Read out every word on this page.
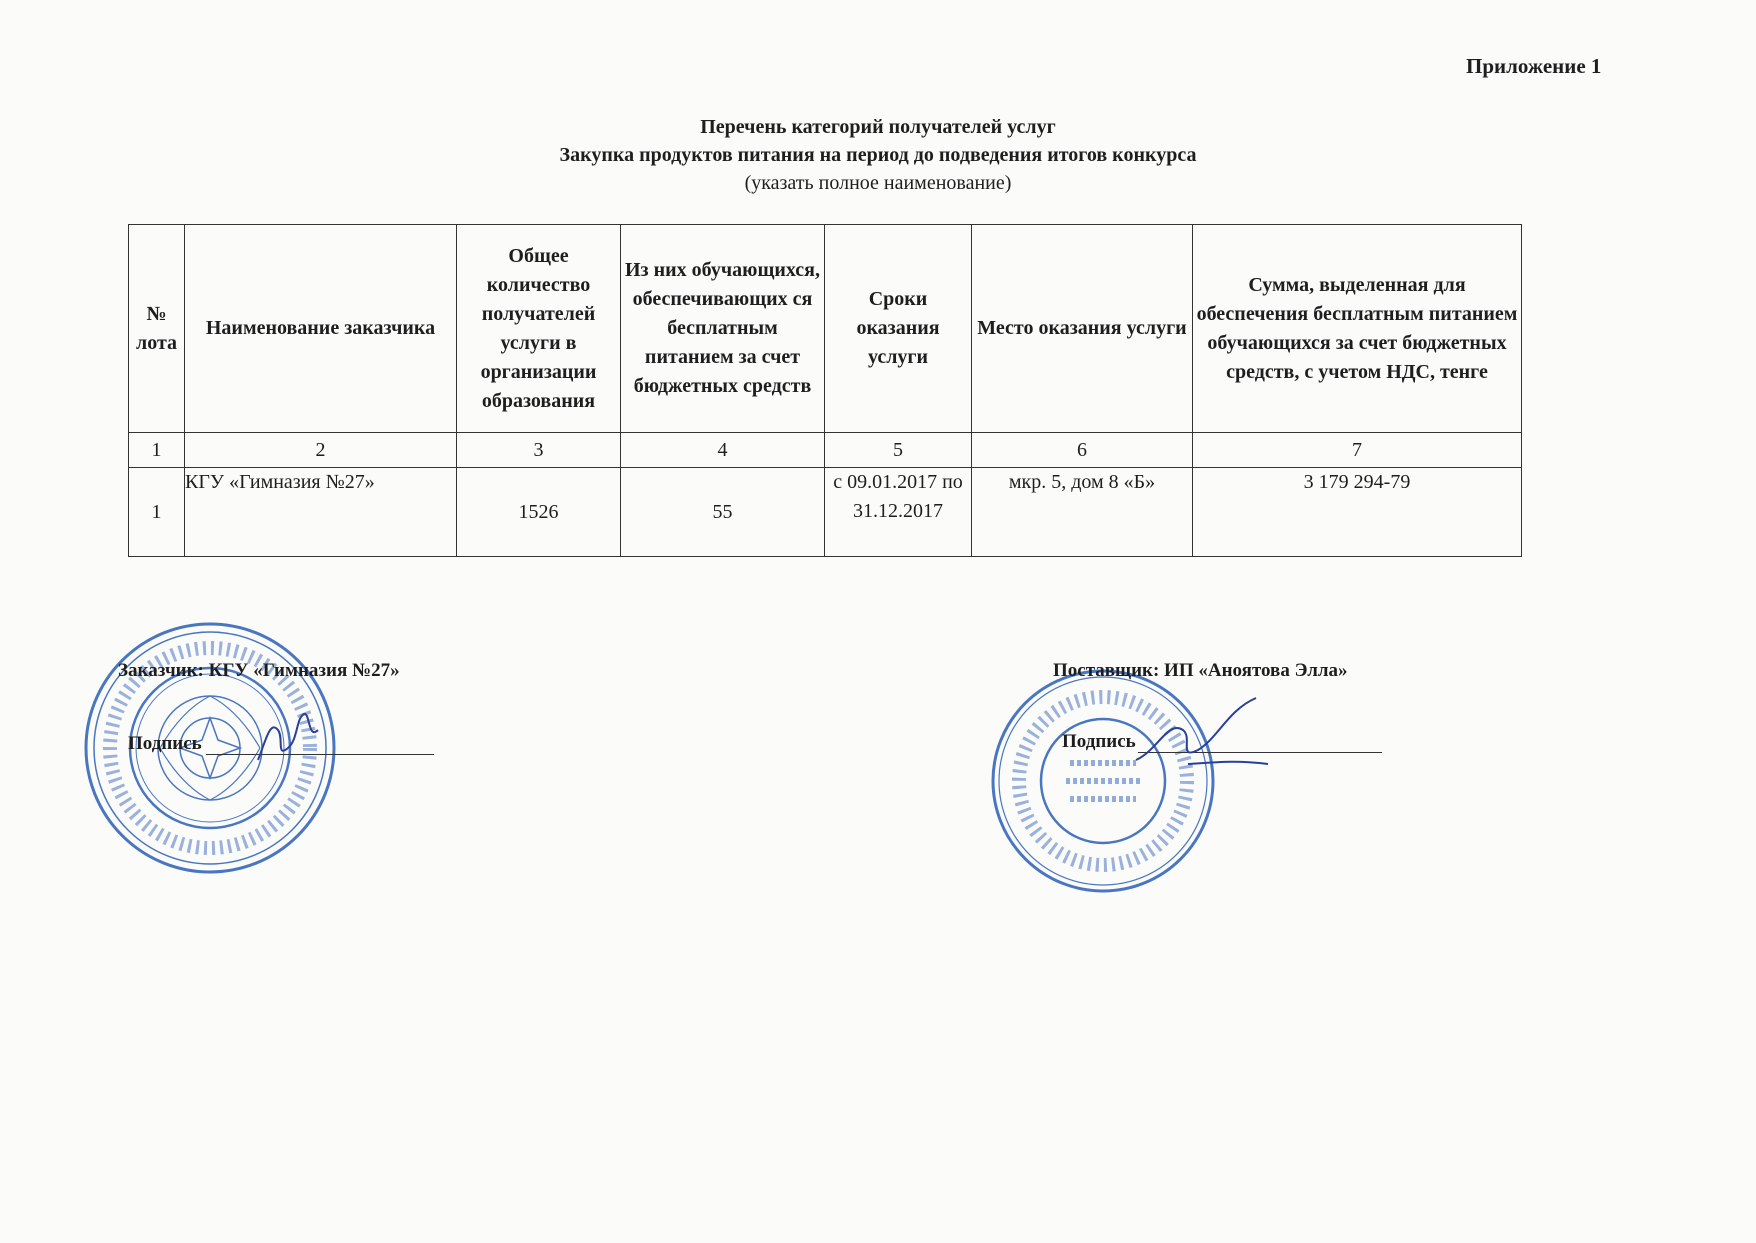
Приложение 1
Перечень категорий получателей услуг
Закупка продуктов питания на период до подведения итогов конкурса
(указать полное наименование)
№ лота	Наименование заказчика	Общее количество получателей услуги в организации образования	Из них обучающихся, обеспечивающих ся бесплатным питанием за счет бюджетных средств	Сроки оказания услуги	Место оказания услуги	Сумма, выделенная для обеспечения бесплатным питанием обучающихся за счет бюджетных средств, с учетом НДС, тенге
1	2	3	4	5	6	7
1	КГУ «Гимназия №27»	1526	55	с 09.01.2017 по 31.12.2017	мкр. 5, дом 8 «Б»	3 179 294-79
Заказчик: КГУ «Гимназия №27»
Подпись
Поставщик: ИП «Аноятова Элла»
Подпись
